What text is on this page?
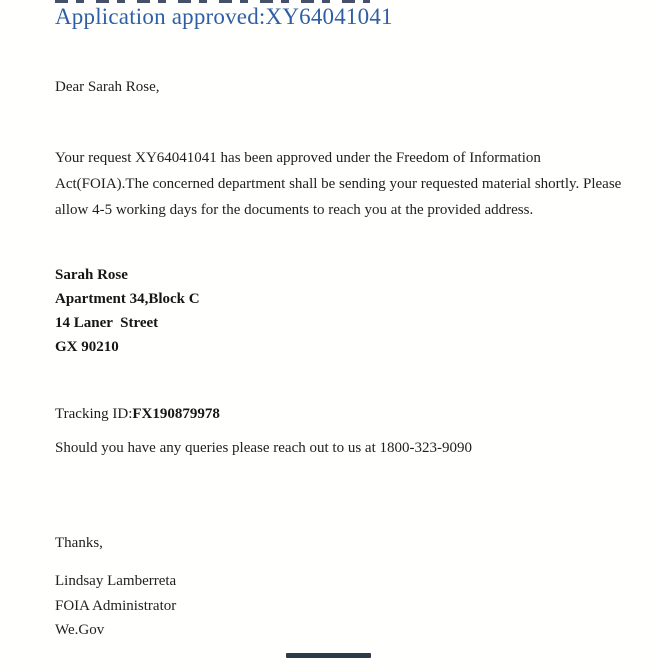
Application approved:XY64041041

Dear Sarah Rose,

Your request XY64041041 has been approved under the Freedom of Information
Act(FOIA).The concerned department shall be sending your requested material shortly. Please
allow 4-5 working days for the documents to reach you at the provided address.
Sarah Rose
Apartment 34,Block C
14 Laner  Street
GX 90210

Tracking ID:FX190879978

Should you have any queries please reach out to us at 1800-323-9090

Thanks,

Lindsay Lamberreta
FOIA Administrator
We.Gov
